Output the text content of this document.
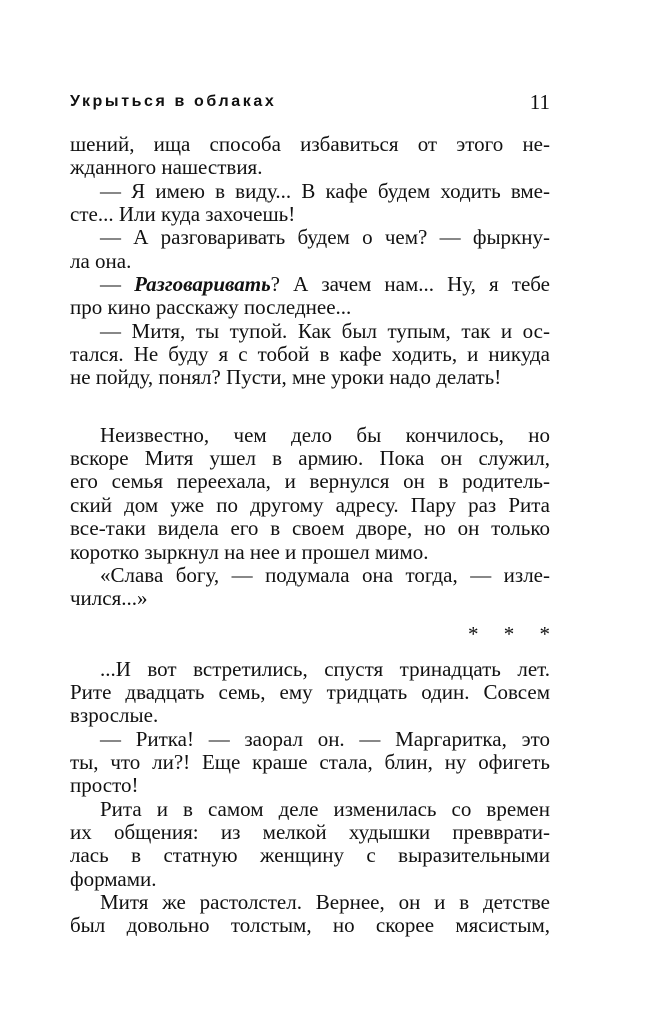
Укрыться в облаках	11
шений, ища способа избавиться от этого не-
жданного нашествия.
— Я имею в виду... В кафе будем ходить вме-
сте... Или куда захочешь!
— А разговаривать будем о чем? — фыркну-
ла она.
— Разговаривать? А зачем нам... Ну, я тебе
про кино расскажу последнее...
— Митя, ты тупой. Как был тупым, так и ос-
тался. Не буду я с тобой в кафе ходить, и никуда
не пойду, понял? Пусти, мне уроки надо делать!
Неизвестно, чем дело бы кончилось, но
вскоре Митя ушел в армию. Пока он служил,
его семья переехала, и вернулся он в родитель-
ский дом уже по другому адресу. Пару раз Рита
все-таки видела его в своем дворе, но он только
коротко зыркнул на нее и прошел мимо.
«Слава богу, — подумала она тогда, — изле-
чился...»
* * *
...И вот встретились, спустя тринадцать лет.
Рите двадцать семь, ему тридцать один. Совсем
взрослые.
— Ритка! — заорал он. — Маргаритка, это
ты, что ли?! Еще краше стала, блин, ну офигеть
просто!
Рита и в самом деле изменилась со времен
их общения: из мелкой худышки превврати-
лась в статную женщину с выразительными
формами.
Митя же растолстел. Вернее, он и в детстве
был довольно толстым, но скорее мясистым,
